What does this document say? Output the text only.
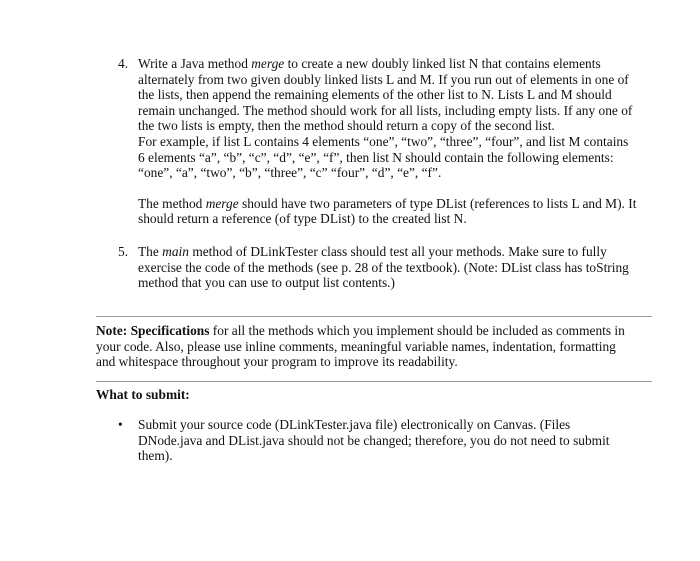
4. Write a Java method merge to create a new doubly linked list N that contains elements

alternately from two given doubly linked lists L and M. If you run out of elements in one of

the lists, then append the remaining elements of the other list to N. Lists L and M should

remain unchanged. The method should work for all lists, including empty lists. If any one of

the two lists is empty, then the method should return a copy of the second list.

For example, if list L contains 4 elements “one”, “two”, “three”, “four”, and list M contains

6 elements “a”, “b”, “c”, “d”, “e”, “f”, then list N should contain the following elements:

“one”, “a”, “two”, “b”, “three”, “c” “four”, “d”, “e”, “f”.

The method merge should have two parameters of type DList (references to lists L and M). It

should return a reference (of type DList) to the created list N.

5. The main method of DLinkTester class should test all your methods. Make sure to fully

exercise the code of the methods (see p. 28 of the textbook). (Note: DList class has toString

method that you can use to output list contents.)

Note: Specifications for all the methods which you implement should be included as comments in

your code. Also, please use inline comments, meaningful variable names, indentation, formatting

and whitespace throughout your program to improve its readability.

What to submit:

• Submit your source code (DLinkTester.java file) electronically on Canvas. (Files

DNode.java and DList.java should not be changed; therefore, you do not need to submit

them).
